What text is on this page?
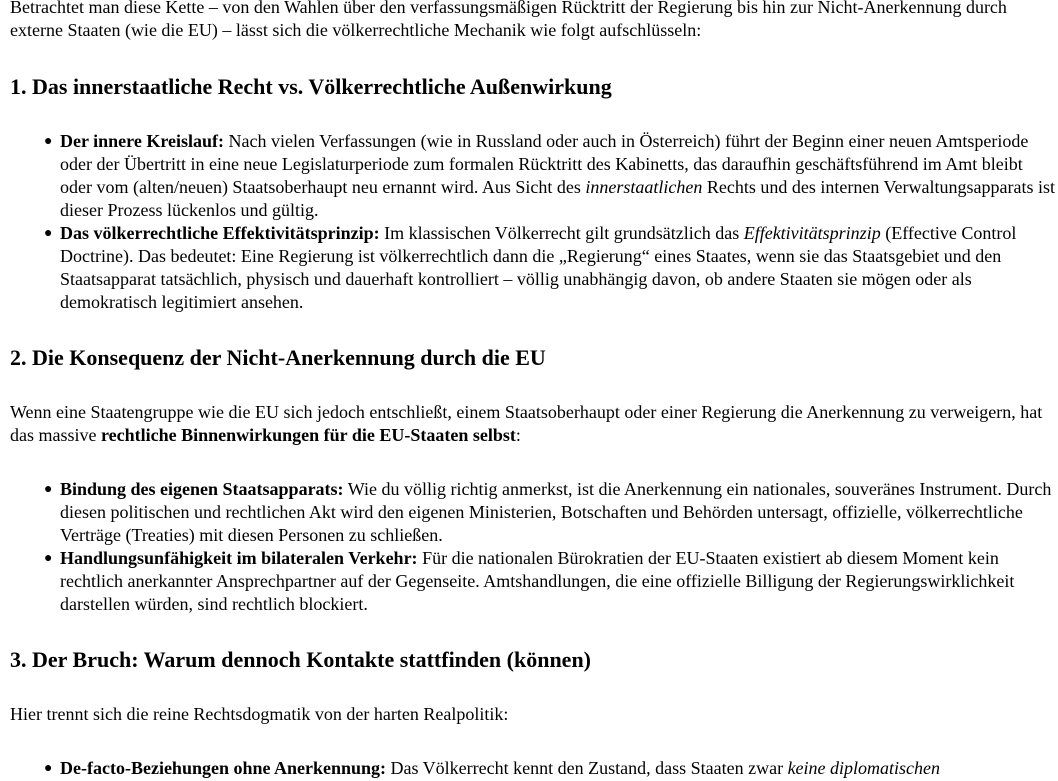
Betrachtet man diese Kette – von den Wahlen über den verfassungsmäßigen Rücktritt der Regierung bis hin zur Nicht-Anerkennung durch externe Staaten (wie die EU) – lässt sich die völkerrechtliche Mechanik wie folgt aufschlüsseln:

1. Das innerstaatliche Recht vs. Völkerrechtliche Außenwirkung
● Der innere Kreislauf: Nach vielen Verfassungen (wie in Russland oder auch in Österreich) führt der Beginn einer neuen Amtsperiode oder der Übertritt in eine neue Legislaturperiode zum formalen Rücktritt des Kabinetts, das daraufhin geschäftsführend im Amt bleibt oder vom (alten/neuen) Staatsoberhaupt neu ernannt wird. Aus Sicht des innerstaatlichen Rechts und des internen Verwaltungsapparats ist dieser Prozess lückenlos und gültig.
● Das völkerrechtliche Effektivitätsprinzip: Im klassischen Völkerrecht gilt grundsätzlich das Effektivitätsprinzip (Effective Control Doctrine). Das bedeutet: Eine Regierung ist völkerrechtlich dann die „Regierung“ eines Staates, wenn sie das Staatsgebiet und den Staatsapparat tatsächlich, physisch und dauerhaft kontrolliert – völlig unabhängig davon, ob andere Staaten sie mögen oder als demokratisch legitimiert ansehen.
2. Die Konsequenz der Nicht-Anerkennung durch die EU

Wenn eine Staatengruppe wie die EU sich jedoch entschließt, einem Staatsoberhaupt oder einer Regierung die Anerkennung zu verweigern, hat das massive rechtliche Binnenwirkungen für die EU-Staaten selbst:

● Bindung des eigenen Staatsapparats: Wie du völlig richtig anmerkst, ist die Anerkennung ein nationales, souveränes Instrument. Durch diesen politischen und rechtlichen Akt wird den eigenen Ministerien, Botschaften und Behörden untersagt, offizielle, völkerrechtliche Verträge (Treaties) mit diesen Personen zu schließen.
● Handlungsunfähigkeit im bilateralen Verkehr: Für die nationalen Bürokratien der EU-Staaten existiert ab diesem Moment kein rechtlich anerkannter Ansprechpartner auf der Gegenseite. Amtshandlungen, die eine offizielle Billigung der Regierungswirklichkeit darstellen würden, sind rechtlich blockiert.
3. Der Bruch: Warum dennoch Kontakte stattfinden (können)

Hier trennt sich die reine Rechtsdogmatik von der harten Realpolitik:

● De-facto-Beziehungen ohne Anerkennung: Das Völkerrecht kennt den Zustand, dass Staaten zwar keine diplomatischen
